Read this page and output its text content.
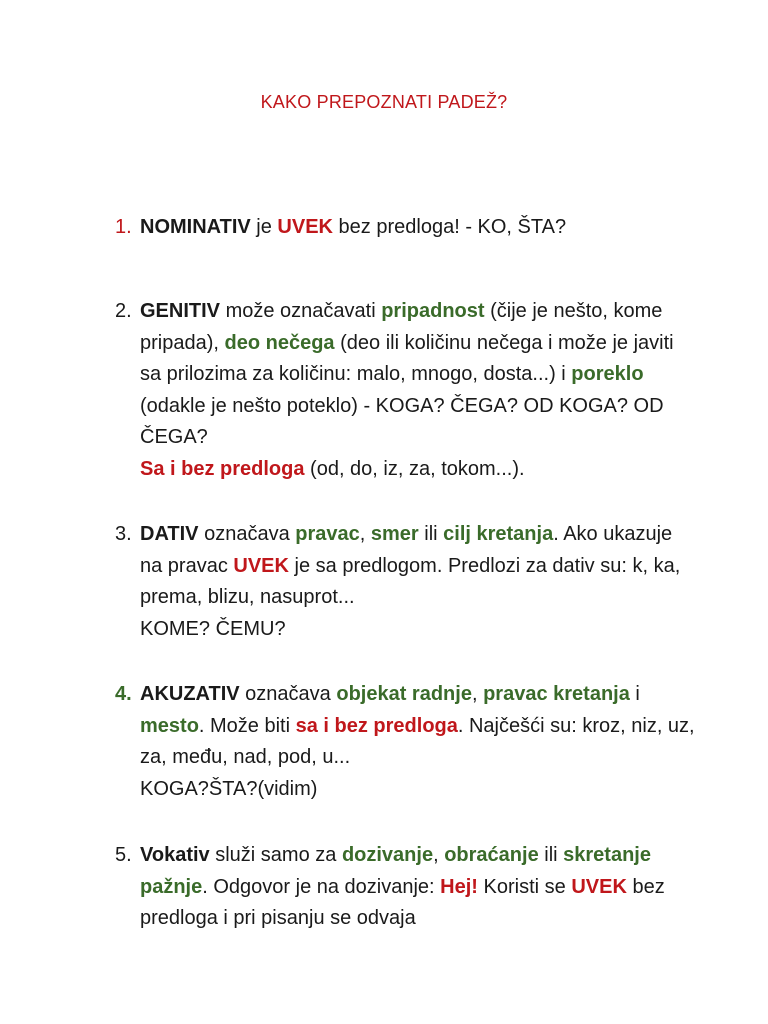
KAKO PREPOZNATI PADEŽ?
1. NOMINATIV je UVEK bez predloga! - KO, ŠTA?
2. GENITIV može označavati pripadnost (čije je nešto, kome pripada), deo nečega (deo ili količinu nečega i može je javiti sa prilozima za količinu: malo, mnogo, dosta...) i poreklo (odakle je nešto poteklo) - KOGA? ČEGA? OD KOGA? OD ČEGA?
Sa i bez predloga (od, do, iz, za, tokom...).
3. DATIV označava pravac, smer ili cilj kretanja. Ako ukazuje na pravac UVEK je sa predlogom. Predlozi za dativ su: k, ka, prema, blizu, nasuprot...
KOME? ČEMU?
4. AKUZATIV označava objekat radnje, pravac kretanja i mesto. Može biti sa i bez predloga. Najčešći su: kroz, niz, uz, za, među, nad, pod, u...
KOGA?ŠTA?(vidim)
5. Vokativ služi samo za dozivanje, obraćanje ili skretanje pažnje. Odgovor je na dozivanje: Hej! Koristi se UVEK bez predloga i pri pisanju se odvaja
